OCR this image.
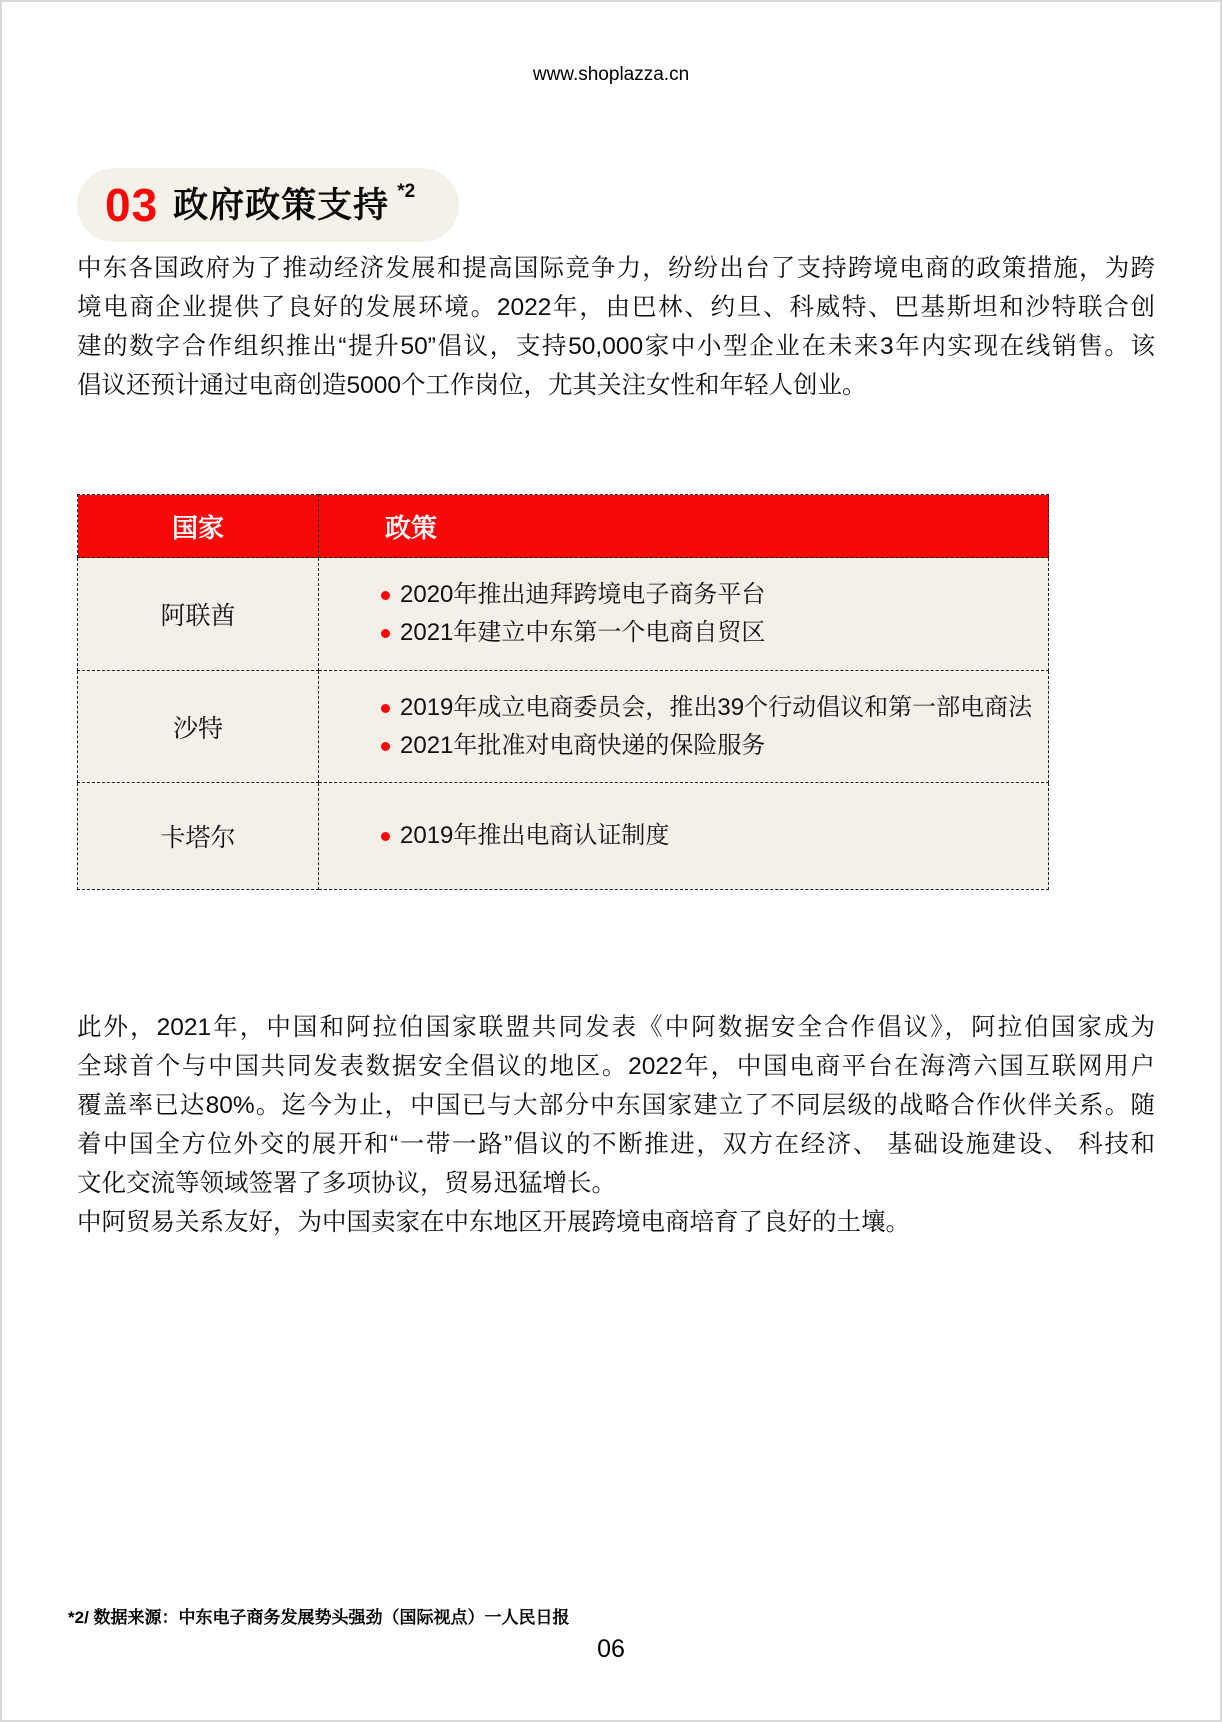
www.shoplazza.cn
03 政府政策支持 *2
中东各国政府为了推动经济发展和提高国际竞争力，纷纷出台了支持跨境电商的政策措施，为跨
境电商企业提供了良好的发展环境。2022年，由巴林、约旦、科威特、巴基斯坦和沙特联合创
建的数字合作组织推出“提升50”倡议，支持50,000家中小型企业在未来3年内实现在线销售。该
倡议还预计通过电商创造5000个工作岗位，尤其关注女性和年轻人创业。
国家	政策
阿联酋	2020年推出迪拜跨境电子商务平台
2021年建立中东第一个电商自贸区

沙特	2019年成立电商委员会，推出39个行动倡议和第一部电商法
2021年批准对电商快递的保险服务

卡塔尔	2019年推出电商认证制度
此外，2021年，中国和阿拉伯国家联盟共同发表《中阿数据安全合作倡议》，阿拉伯国家成为
全球首个与中国共同发表数据安全倡议的地区。2022年，中国电商平台在海湾六国互联网用户
覆盖率已达80%。迄今为止，中国已与大部分中东国家建立了不同层级的战略合作伙伴关系。随
着中国全方位外交的展开和“一带一路”倡议的不断推进，双方在经济、 基础设施建设、 科技和
文化交流等领域签署了多项协议，贸易迅猛增长。
中阿贸易关系友好，为中国卖家在中东地区开展跨境电商培育了良好的土壤。
*2/ 数据来源：中东电子商务发展势头强劲（国际视点）一人民日报
06
